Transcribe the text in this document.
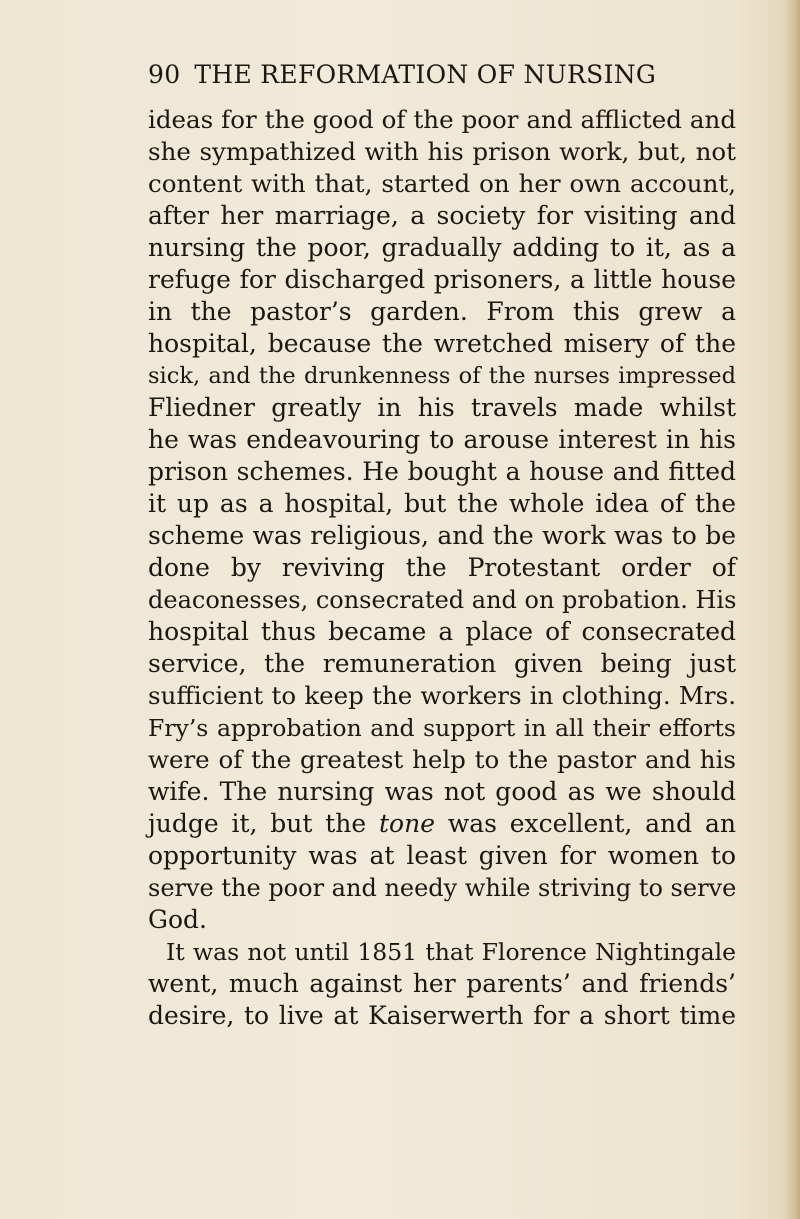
90 THE REFORMATION OF NURSING
ideas for the good of the poor and afflicted and
she sympathized with his prison work, but, not
content with that, started on her own account,
after her marriage, a society for visiting and
nursing the poor, gradually adding to it, as a
refuge for discharged prisoners, a little house
in the pastor’s garden. From this grew a
hospital, because the wretched misery of the
sick, and the drunkenness of the nurses impressed
Fliedner greatly in his travels made whilst
he was endeavouring to arouse interest in his
prison schemes. He bought a house and fitted
it up as a hospital, but the whole idea of the
scheme was religious, and the work was to be
done by reviving the Protestant order of
deaconesses, consecrated and on probation. His
hospital thus became a place of consecrated
service, the remuneration given being just
sufficient to keep the workers in clothing. Mrs.
Fry’s approbation and support in all their efforts
were of the greatest help to the pastor and his
wife. The nursing was not good as we should
judge it, but the tone was excellent, and an
opportunity was at least given for women to
serve the poor and needy while striving to serve
God.
It was not until 1851 that Florence Nightingale
went, much against her parents’ and friends’
desire, to live at Kaiserwerth for a short time
